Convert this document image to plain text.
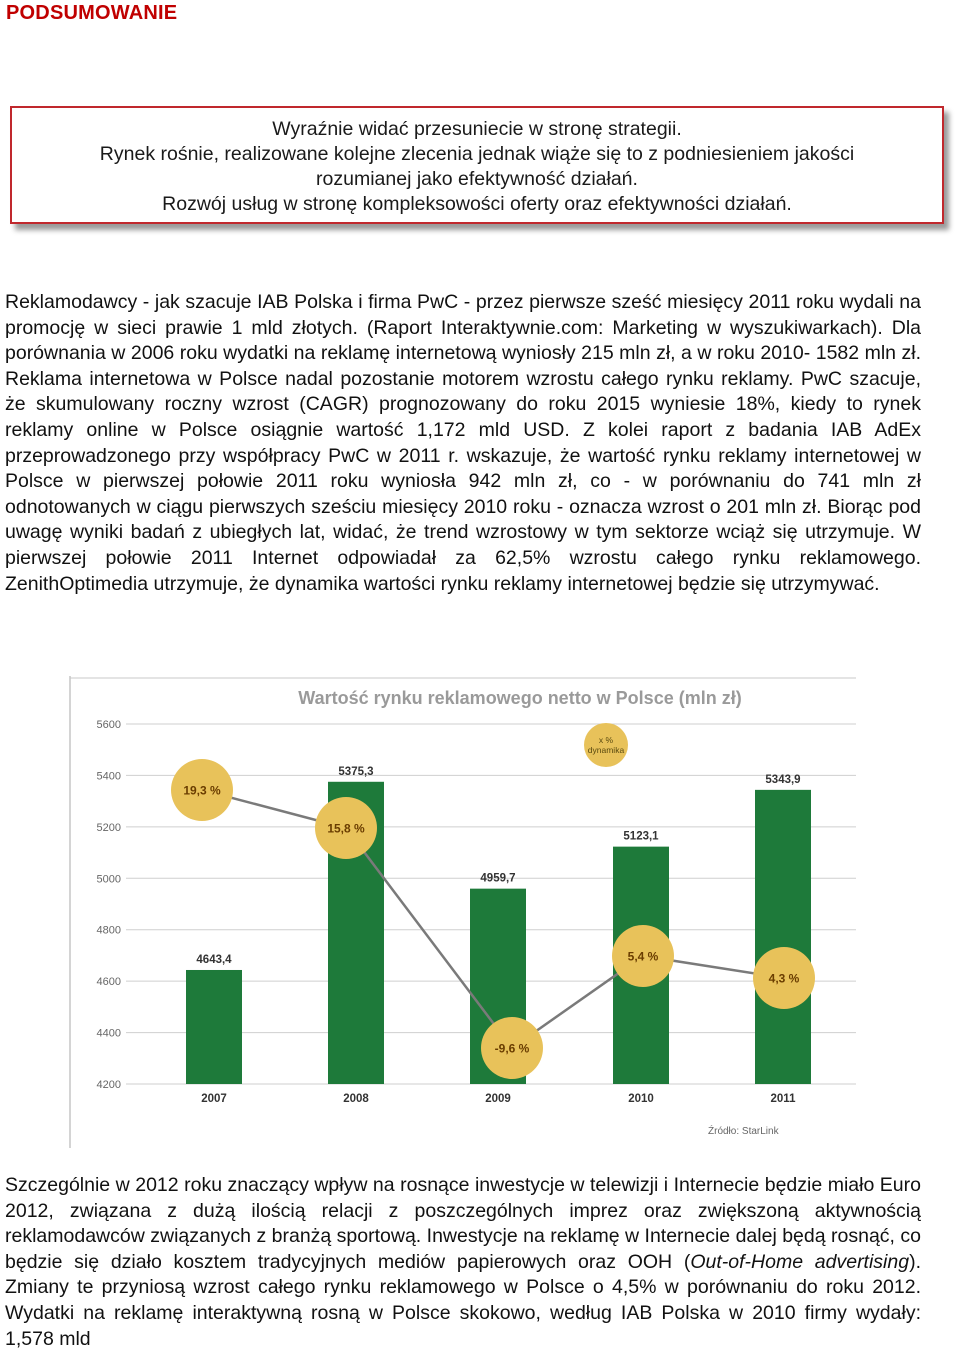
PODSUMOWANIE
Wyraźnie widać przesuniecie w stronę strategii.
Rynek rośnie, realizowane kolejne zlecenia jednak wiąże się to z podniesieniem jakości
rozumianej jako efektywność działań.
Rozwój usług w stronę kompleksowości oferty oraz efektywności działań.
Reklamodawcy - jak szacuje IAB Polska i firma PwC - przez pierwsze sześć miesięcy 2011 roku wydali na promocję w sieci prawie 1 mld złotych. (Raport Interaktywnie.com: Marketing w wyszukiwarkach). Dla porównania w 2006 roku wydatki na reklamę internetową wyniosły 215 mln zł, a w roku 2010- 1582 mln zł. Reklama internetowa w Polsce nadal pozostanie motorem wzrostu całego rynku reklamy. PwC szacuje, że skumulowany roczny wzrost (CAGR) prognozowany do roku 2015 wyniesie 18%, kiedy to rynek reklamy online w Polsce osiągnie wartość 1,172 mld USD. Z kolei raport z badania IAB AdEx przeprowadzonego przy współpracy PwC w 2011 r. wskazuje, że wartość rynku reklamy internetowej w Polsce w pierwszej połowie 2011 roku wyniosła 942 mln zł, co - w porównaniu do 741 mln zł odnotowanych w ciągu pierwszych sześciu miesięcy 2010 roku - oznacza wzrost o 201 mln zł. Biorąc pod uwagę wyniki badań z ubiegłych lat, widać, że trend wzrostowy w tym sektorze wciąż się utrzymuje. W pierwszej połowie 2011 Internet odpowiadał za 62,5% wzrostu całego rynku reklamowego. ZenithOptimedia utrzymuje, że dynamika wartości rynku reklamy internetowej będzie się utrzymywać.
Wartość rynku reklamowego netto w Polsce (mln zł)
4200
4400
4600
4800
5000
5200
5400
5600
19,3 %
15,8 %
-9,6 %
5,4 %
4,3 %
4643,4
2007
5375,3
2008
4959,7
2009
5123,1
2010
5343,9
2011
x %
dynamika
Źródło: StarLink
Szczególnie w 2012 roku znaczący wpływ na rosnące inwestycje w telewizji i Internecie będzie miało Euro 2012, związana z dużą ilością relacji z poszczególnych imprez oraz zwiększoną aktywnością reklamodawców związanych z branżą sportową. Inwestycje na reklamę w Internecie dalej będą rosnąć, co będzie się działo kosztem tradycyjnych mediów papierowych oraz OOH (Out-of-Home advertising). Zmiany te przyniosą wzrost całego rynku reklamowego w Polsce o 4,5% w porównaniu do roku 2012. Wydatki na reklamę interaktywną rosną w Polsce skokowo, według IAB Polska w 2010 firmy wydały: 1,578 mld
